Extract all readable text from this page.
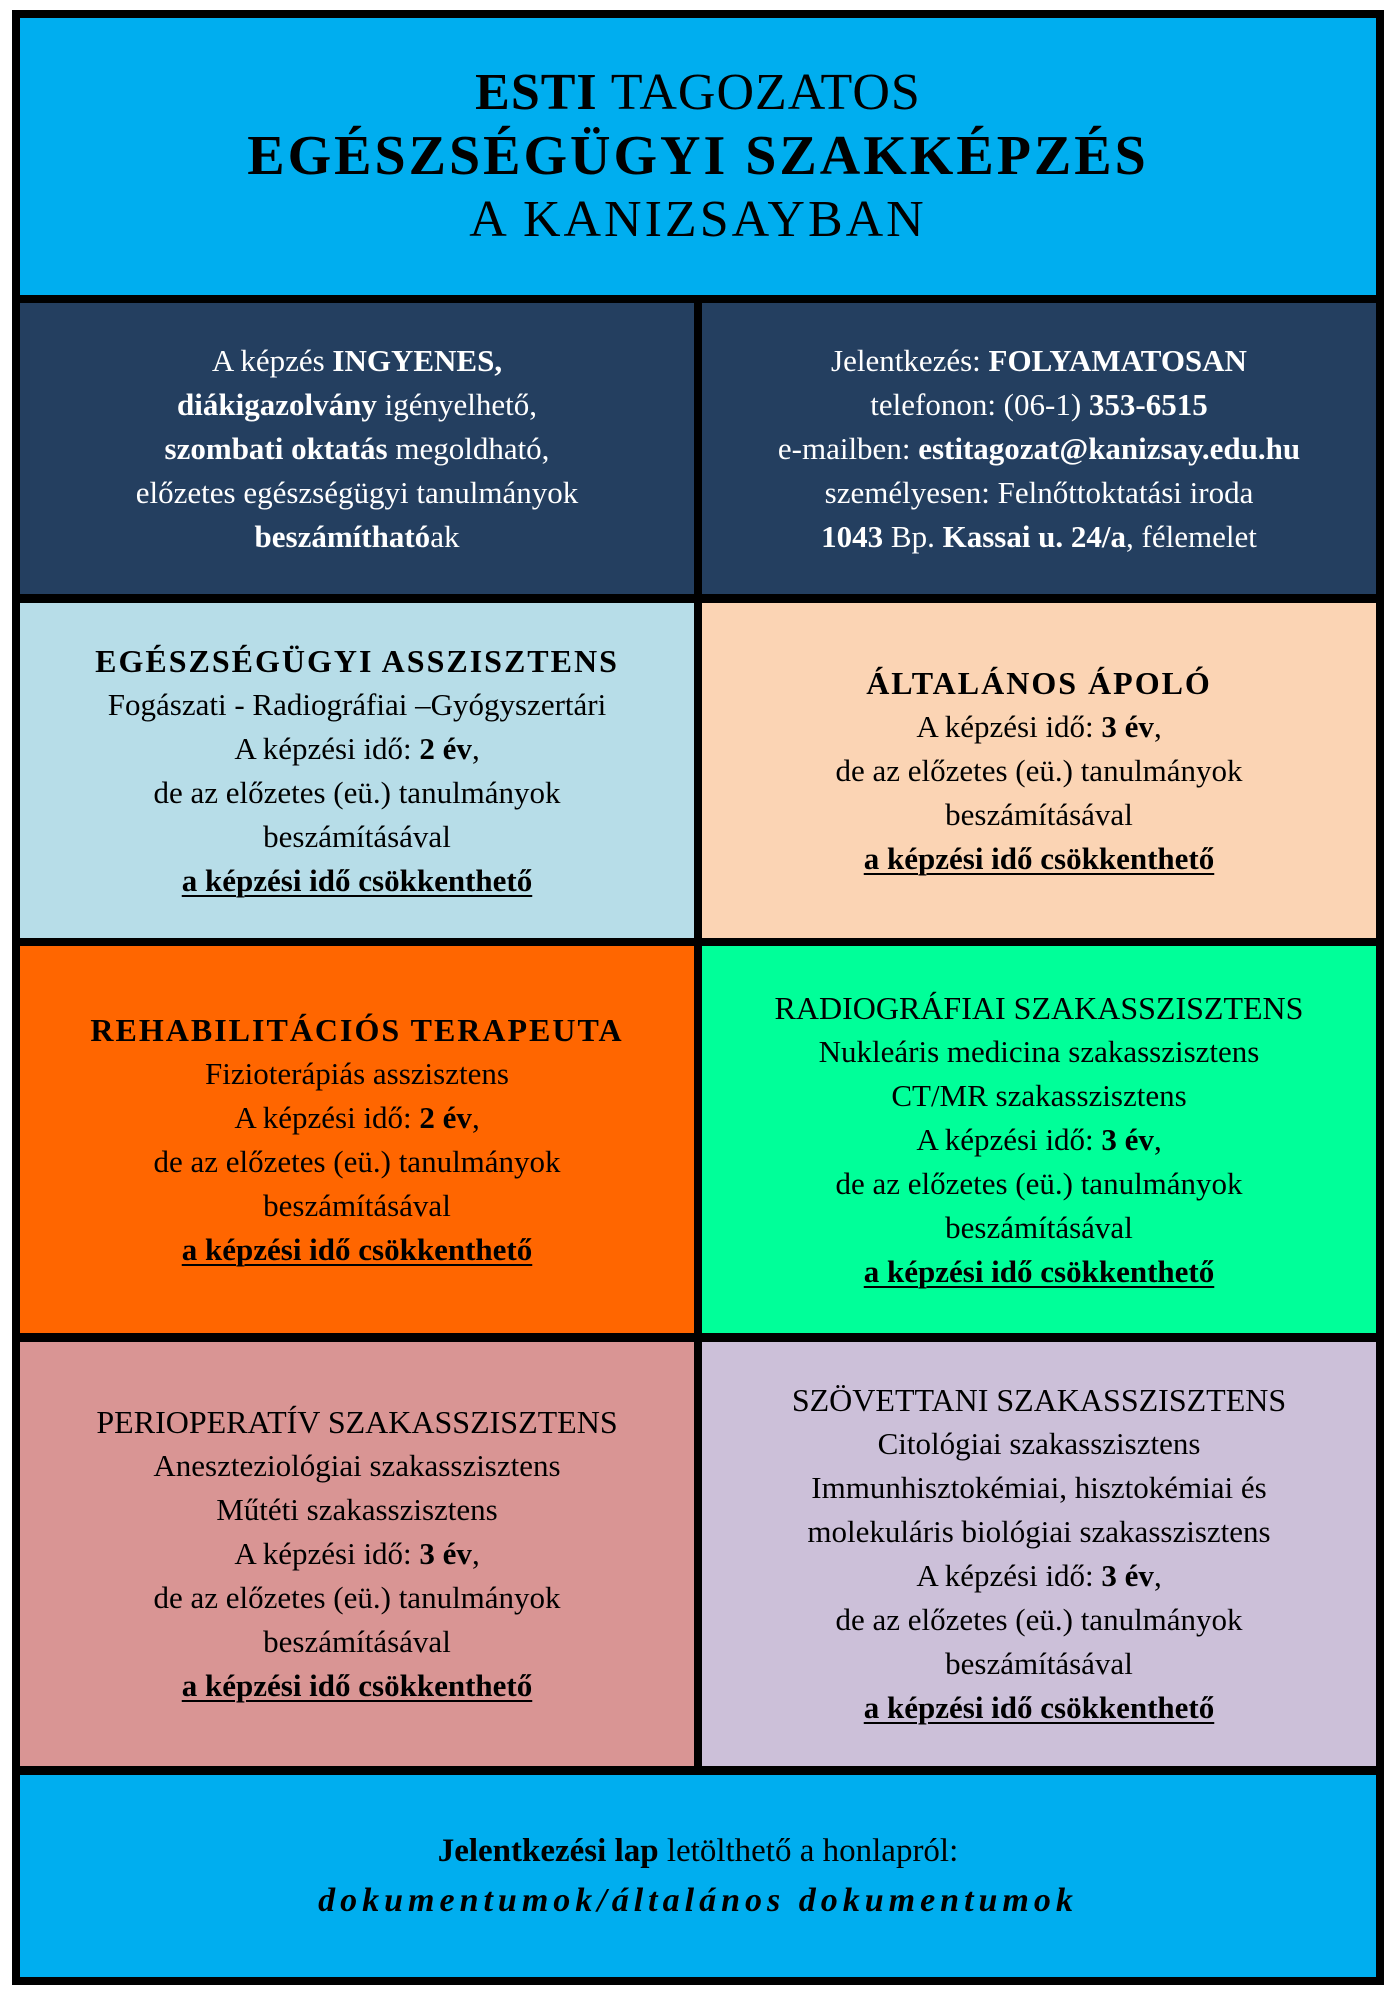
ESTI TAGOZATOS
EGÉSZSÉGÜGYI SZAKKÉPZÉS
A KANIZSAYBAN
A képzés INGYENES,
diákigazolvány igényelhető,
szombati oktatás megoldható,
előzetes egészségügyi tanulmányok
beszámíthatóak
Jelentkezés: FOLYAMATOSAN
telefonon: (06-1) 353-6515
e-mailben: estitagozat@kanizsay.edu.hu
személyesen: Felnőttoktatási iroda
1043 Bp. Kassai u. 24/a, félemelet
EGÉSZSÉGÜGYI ASSZISZTENS
Fogászati - Radiográfiai –Gyógyszertári
A képzési idő: 2 év,
de az előzetes (eü.) tanulmányok
beszámításával
a képzési idő csökkenthető
ÁLTALÁNOS ÁPOLÓ
A képzési idő: 3 év,
de az előzetes (eü.) tanulmányok
beszámításával
a képzési idő csökkenthető
REHABILITÁCIÓS TERAPEUTA
Fizioterápiás asszisztens
A képzési idő: 2 év,
de az előzetes (eü.) tanulmányok
beszámításával
a képzési idő csökkenthető
RADIOGRÁFIAI SZAKASSZISZTENS
Nukleáris medicina szakasszisztens
CT/MR szakasszisztens
A képzési idő: 3 év,
de az előzetes (eü.) tanulmányok
beszámításával
a képzési idő csökkenthető
PERIOPERATÍV SZAKASSZISZTENS
Aneszteziológiai szakasszisztens
Műtéti szakasszisztens
A képzési idő: 3 év,
de az előzetes (eü.) tanulmányok
beszámításával
a képzési idő csökkenthető
SZÖVETTANI SZAKASSZISZTENS
Citológiai szakasszisztens
Immunhisztokémiai, hisztokémiai és
molekuláris biológiai szakasszisztens
A képzési idő: 3 év,
de az előzetes (eü.) tanulmányok
beszámításával
a képzési idő csökkenthető
Jelentkezési lap letölthető a honlapról:
dokumentumok/általános dokumentumok
